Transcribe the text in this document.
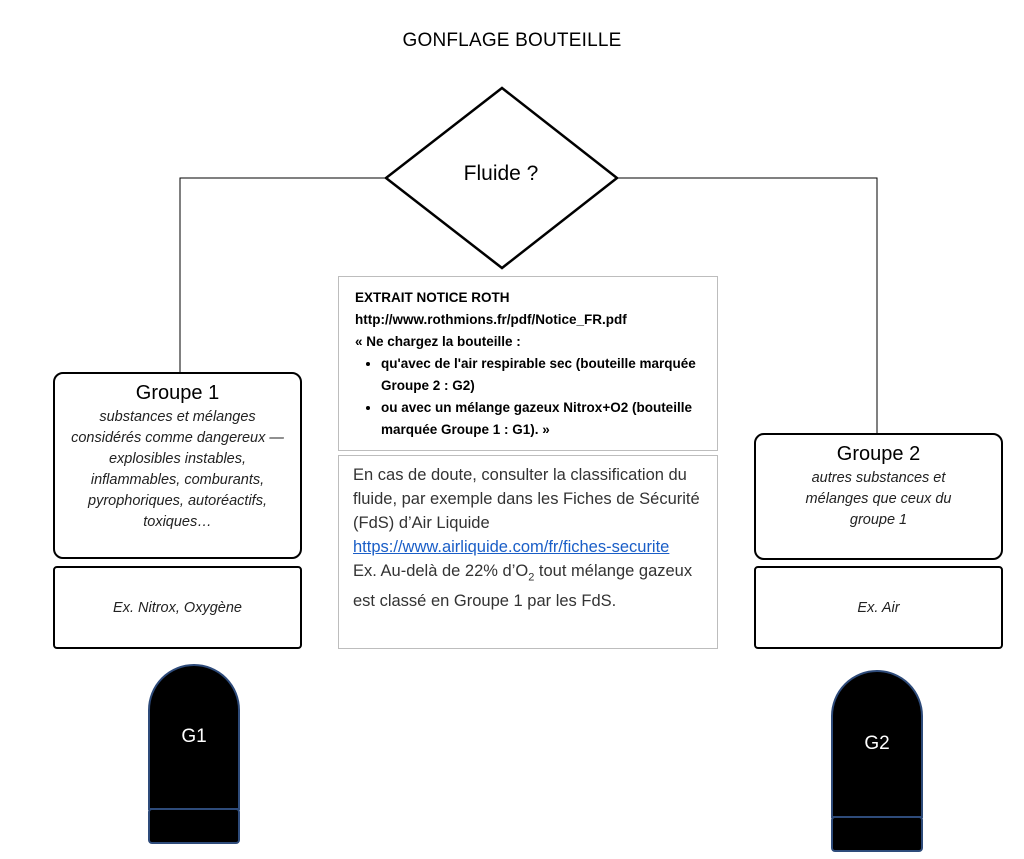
GONFLAGE BOUTEILLE
Fluide ?
Groupe 1
substances et mélanges considérés comme dangereux — explosibles instables, inflammables, comburants, pyrophoriques, autoréactifs, toxiques…
Ex. Nitrox, Oxygène
EXTRAIT NOTICE ROTH
http://www.rothmions.fr/pdf/Notice_FR.pdf
« Ne chargez la bouteille :
• qu'avec de l'air respirable sec (bouteille marquée Groupe 2 : G2)
• ou avec un mélange gazeux Nitrox+O2 (bouteille marquée Groupe 1 : G1). »
En cas de doute, consulter la classification du fluide, par exemple dans les Fiches de Sécurité (FdS) d’Air Liquide
https://www.airliquide.com/fr/fiches-securite
Ex. Au-delà de 22% $d’O_2$ tout mélange gazeux est classé en Groupe 1 par les FdS.
Groupe 2
autres substances et mélanges que ceux du groupe 1
Ex. Air
G1	G2
